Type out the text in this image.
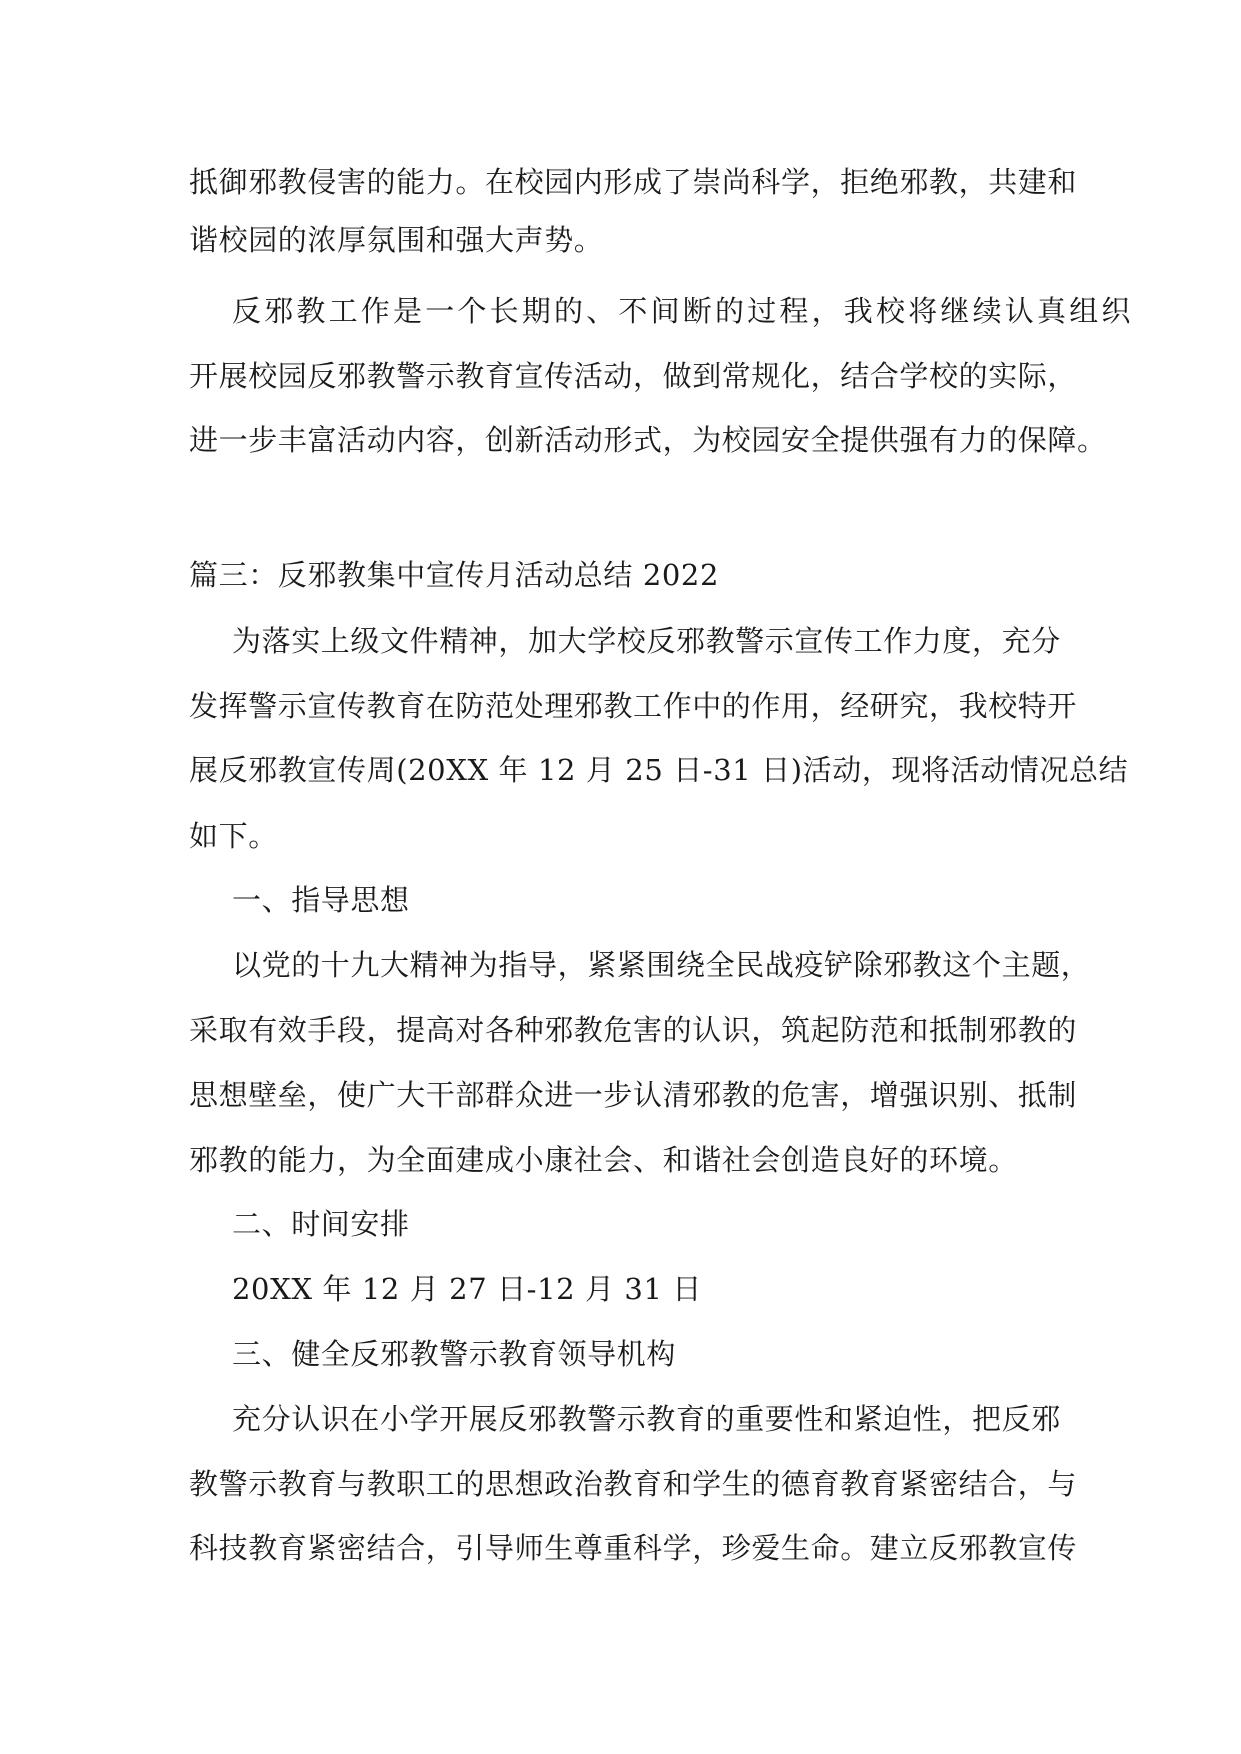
抵御邪教侵害的能力。在校园内形成了崇尚科学，拒绝邪教，共建和
谐校园的浓厚氛围和强大声势。
反邪教工作是一个长期的、不间断的过程，我校将继续认真组织
开展校园反邪教警示教育宣传活动，做到常规化，结合学校的实际，
进一步丰富活动内容，创新活动形式，为校园安全提供强有力的保障。
篇三：反邪教集中宣传月活动总结 2022
为落实上级文件精神，加大学校反邪教警示宣传工作力度，充分
发挥警示宣传教育在防范处理邪教工作中的作用，经研究，我校特开
展反邪教宣传周(20XX 年 12 月 25 日-31 日)活动，现将活动情况总结
如下。
一、指导思想
以党的十九大精神为指导，紧紧围绕全民战疫铲除邪教这个主题，
采取有效手段，提高对各种邪教危害的认识，筑起防范和抵制邪教的
思想壁垒，使广大干部群众进一步认清邪教的危害，增强识别、抵制
邪教的能力，为全面建成小康社会、和谐社会创造良好的环境。
二、时间安排
20XX 年 12 月 27 日-12 月 31 日
三、健全反邪教警示教育领导机构
充分认识在小学开展反邪教警示教育的重要性和紧迫性，把反邪
教警示教育与教职工的思想政治教育和学生的德育教育紧密结合，与
科技教育紧密结合，引导师生尊重科学，珍爱生命。建立反邪教宣传
